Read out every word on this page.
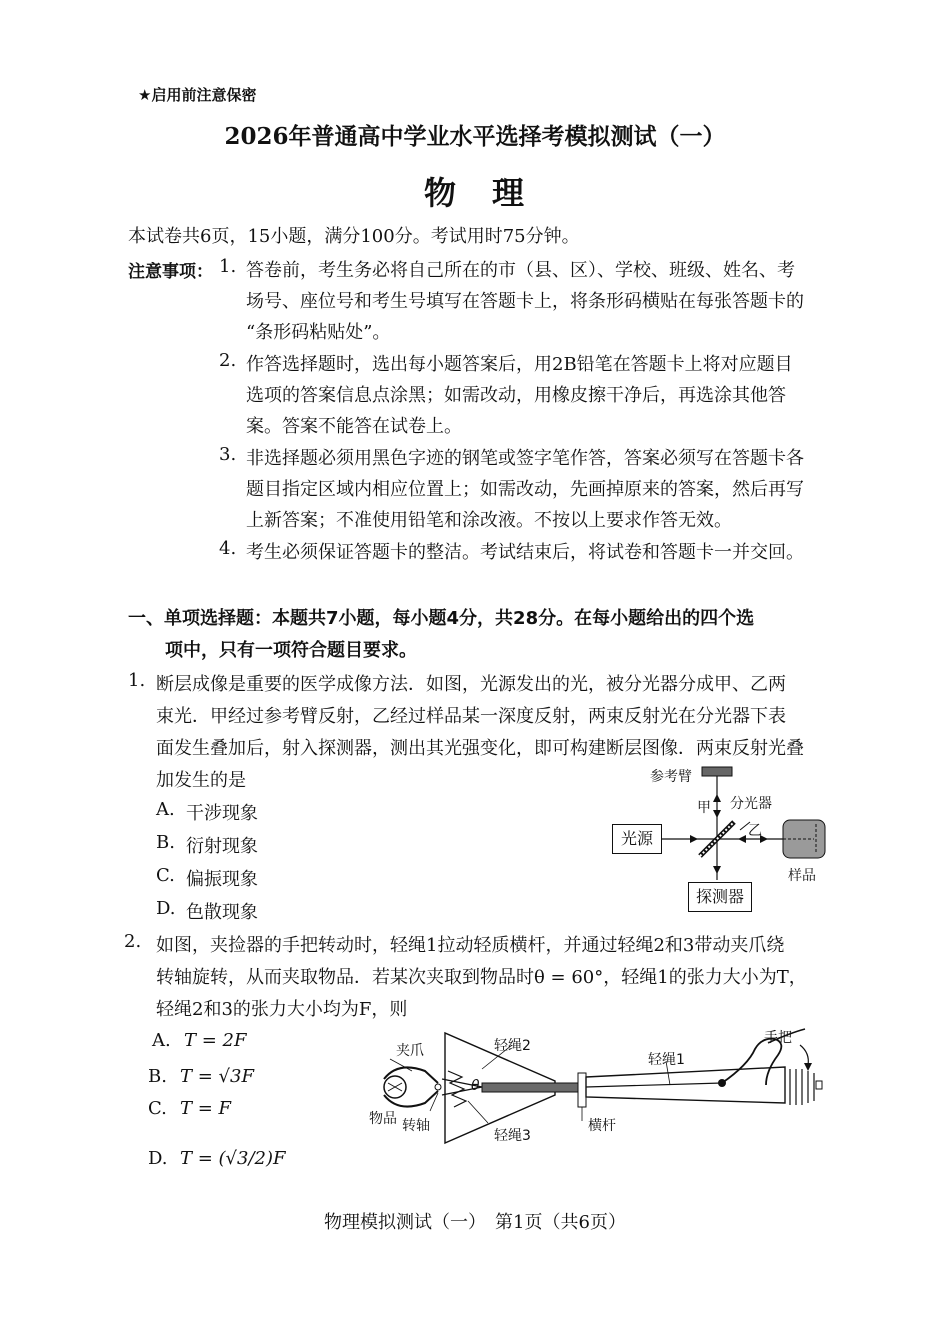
★启用前注意保密
2026年普通高中学业水平选择考模拟测试（一）
物　理
本试卷共6页，15小题，满分100分。考试用时75分钟。
注意事项： 1. 答卷前，考生务必将自己所在的市（县、区）、学校、班级、姓名、考
场号、座位号和考生号填写在答题卡上，将条形码横贴在每张答题卡的
“条形码粘贴处”。
2. 作答选择题时，选出每小题答案后，用2B铅笔在答题卡上将对应题目
选项的答案信息点涂黑；如需改动，用橡皮擦干净后，再选涂其他答
案。答案不能答在试卷上。
3. 非选择题必须用黑色字迹的钢笔或签字笔作答，答案必须写在答题卡各
题目指定区域内相应位置上；如需改动，先画掉原来的答案，然后再写
上新答案；不准使用铅笔和涂改液。不按以上要求作答无效。
4. 考生必须保证答题卡的整洁。考试结束后，将试卷和答题卡一并交回。
一、单项选择题：本题共7小题，每小题4分，共28分。在每小题给出的四个选
项中，只有一项符合题目要求。
1. 断层成像是重要的医学成像方法．如图，光源发出的光，被分光器分成甲、乙两
束光．甲经过参考臂反射，乙经过样品某一深度反射，两束反射光在分光器下表
面发生叠加后，射入探测器，测出其光强变化，即可构建断层图像．两束反射光叠
加发生的是
A. 干涉现象
B. 衍射现象
C. 偏振现象
D. 色散现象
参考臂
甲 分光器
乙
光源
样品
探测器
2. 如图，夹捡器的手把转动时，轻绳1拉动轻质横杆，并通过轻绳2和3带动夹爪绕
转轴旋转，从而夹取物品．若某次夹取到物品时θ = 60°，轻绳1的张力大小为T，
轻绳2和3的张力大小均为F，则
A. T = 2F
B. T = √3F
C. T = F
D. T = (√3/2)F
夹爪	轻绳2
轻绳1
手把
θ
物品 转轴
轻绳3
横杆
物理模拟测试（一）　第1页（共6页）
